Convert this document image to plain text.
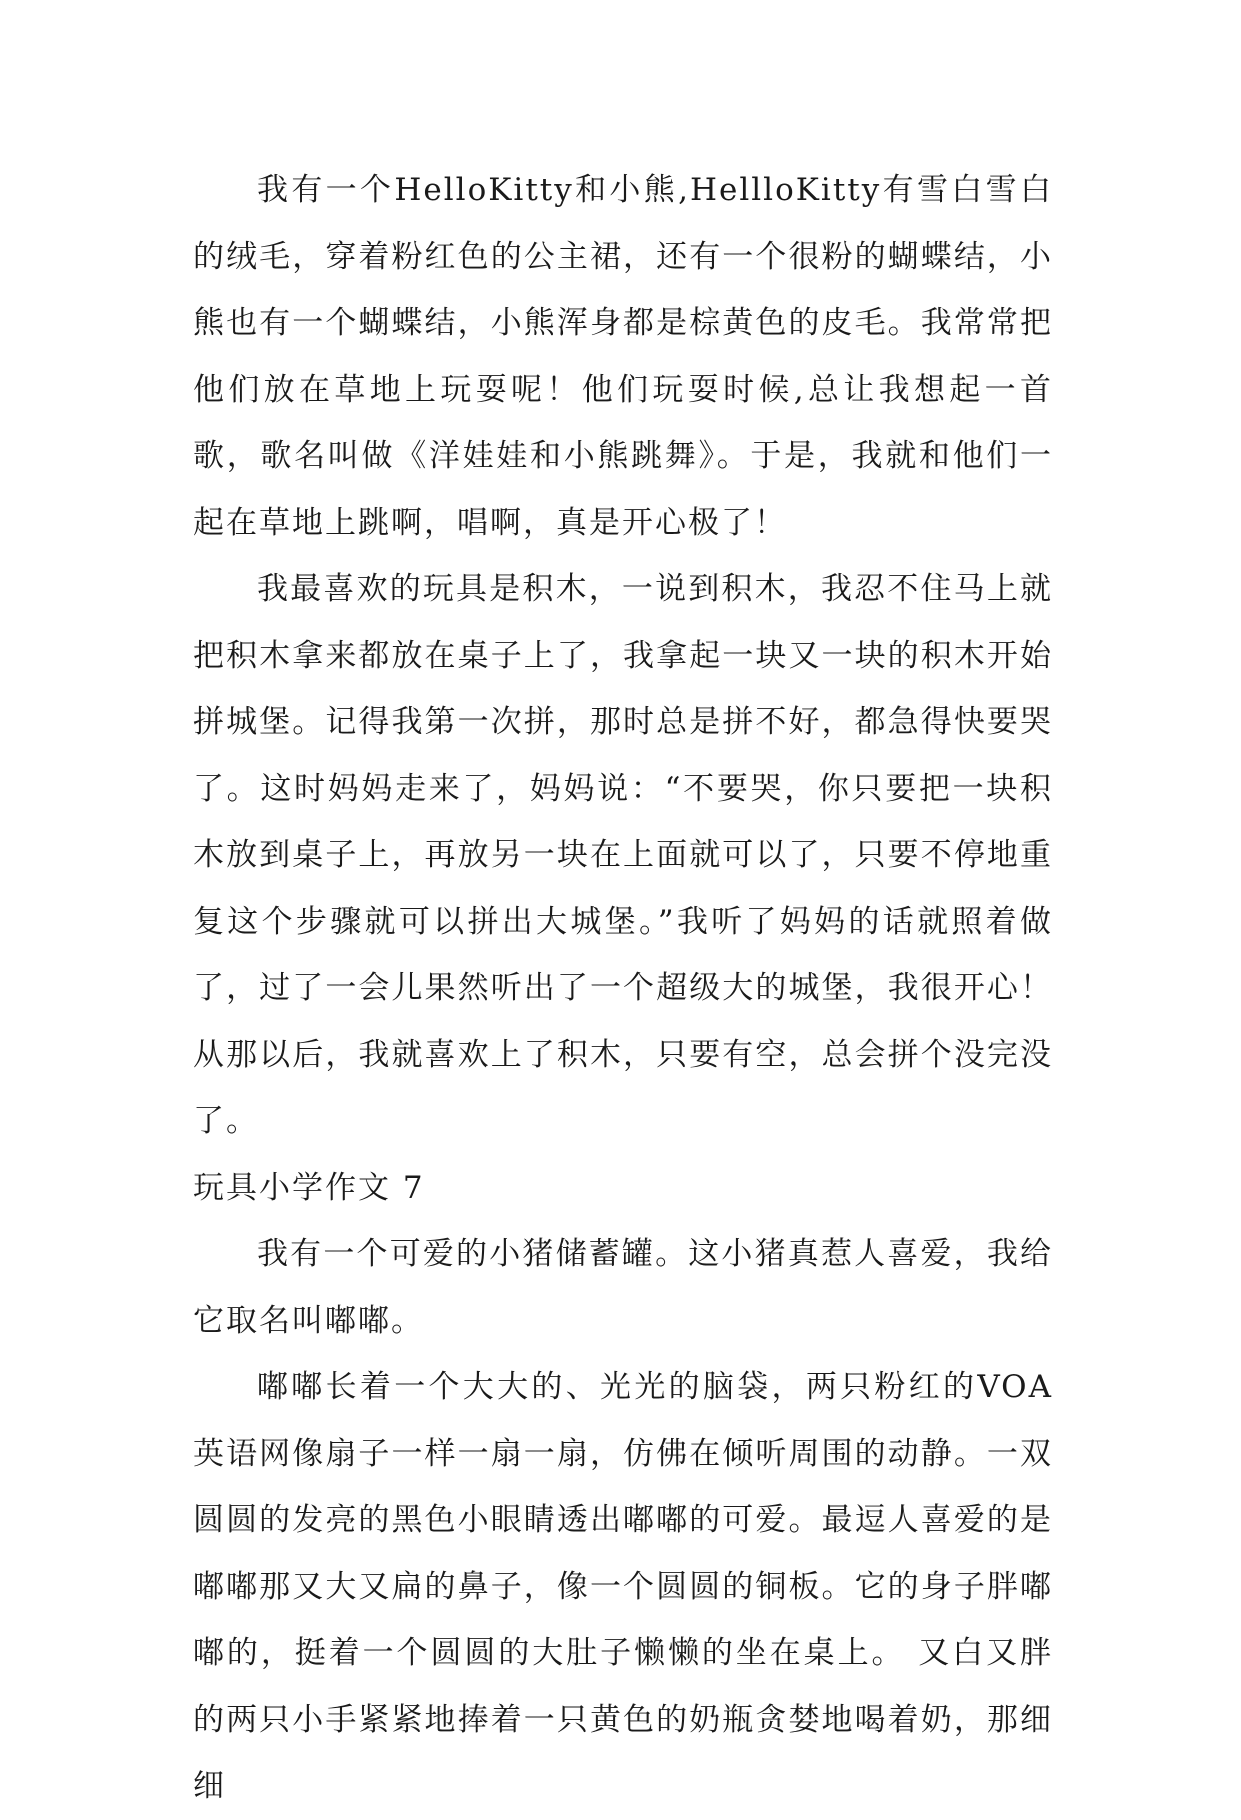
我有一个HelloKitty和小熊,HellloKitty有雪白雪白的绒毛，穿着粉红色的公主裙，还有一个很粉的蝴蝶结，小熊也有一个蝴蝶结，小熊浑身都是棕黄色的皮毛。我常常把他们放在草地上玩耍呢！他们玩耍时候,总让我想起一首歌，歌名叫做《洋娃娃和小熊跳舞》。于是，我就和他们一起在草地上跳啊，唱啊，真是开心极了！

我最喜欢的玩具是积木，一说到积木，我忍不住马上就把积木拿来都放在桌子上了，我拿起一块又一块的积木开始拼城堡。记得我第一次拼，那时总是拼不好，都急得快要哭了。这时妈妈走来了，妈妈说：“不要哭，你只要把一块积木放到桌子上，再放另一块在上面就可以了，只要不停地重复这个步骤就可以拼出大城堡。”我听了妈妈的话就照着做了，过了一会儿果然听出了一个超级大的城堡，我很开心！从那以后，我就喜欢上了积木，只要有空，总会拼个没完没了。

玩具小学作文 7

我有一个可爱的小猪储蓄罐。这小猪真惹人喜爱，我给它取名叫嘟嘟。

嘟嘟长着一个大大的、光光的脑袋，两只粉红的VOA英语网像扇子一样一扇一扇，仿佛在倾听周围的动静。一双圆圆的发亮的黑色小眼睛透出嘟嘟的可爱。最逗人喜爱的是嘟嘟那又大又扁的鼻子，像一个圆圆的铜板。它的身子胖嘟嘟的，挺着一个圆圆的大肚子懒懒的坐在桌上。 又白又胖的两只小手紧紧地捧着一只黄色的奶瓶贪婪地喝着奶，那细细
